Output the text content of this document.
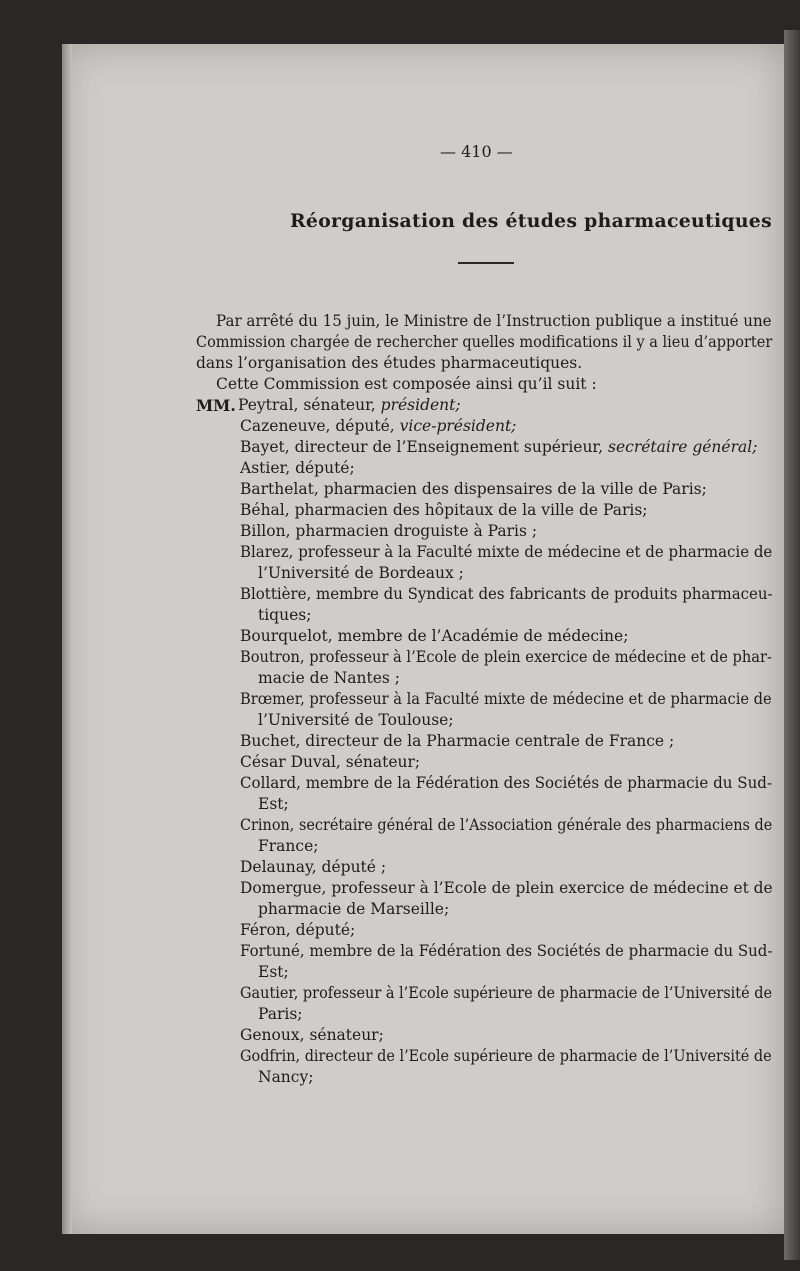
— 410 —
Réorganisation des études pharmaceutiques
Par arrêté du 15 juin, le Ministre de l’Instruction publique a institué une
Commission chargée de rechercher quelles modifications il y a lieu d’apporter
dans l’organisation des études pharmaceutiques.
Cette Commission est composée ainsi qu’il suit :
MM. Peytral, sénateur, président;
Cazeneuve, député, vice-président;
Bayet, directeur de l’Enseignement supérieur, secrétaire général;
Astier, député;
Barthelat, pharmacien des dispensaires de la ville de Paris;
Béhal, pharmacien des hôpitaux de la ville de Paris;
Billon, pharmacien droguiste à Paris ;
Blarez, professeur à la Faculté mixte de médecine et de pharmacie de
l’Université de Bordeaux ;
Blottière, membre du Syndicat des fabricants de produits pharmaceu-
tiques;
Bourquelot, membre de l’Académie de médecine;
Boutron, professeur à l’Ecole de plein exercice de médecine et de phar-
macie de Nantes ;
Brœmer, professeur à la Faculté mixte de médecine et de pharmacie de
l’Université de Toulouse;
Buchet, directeur de la Pharmacie centrale de France ;
César Duval, sénateur;
Collard, membre de la Fédération des Sociétés de pharmacie du Sud-
Est;
Crinon, secrétaire général de l’Association générale des pharmaciens de
France;
Delaunay, député ;
Domergue, professeur à l’Ecole de plein exercice de médecine et de
pharmacie de Marseille;
Féron, député;
Fortuné, membre de la Fédération des Sociétés de pharmacie du Sud-
Est;
Gautier, professeur à l’Ecole supérieure de pharmacie de l’Université de
Paris;
Genoux, sénateur;
Godfrin, directeur de l’Ecole supérieure de pharmacie de l’Université de
Nancy;
